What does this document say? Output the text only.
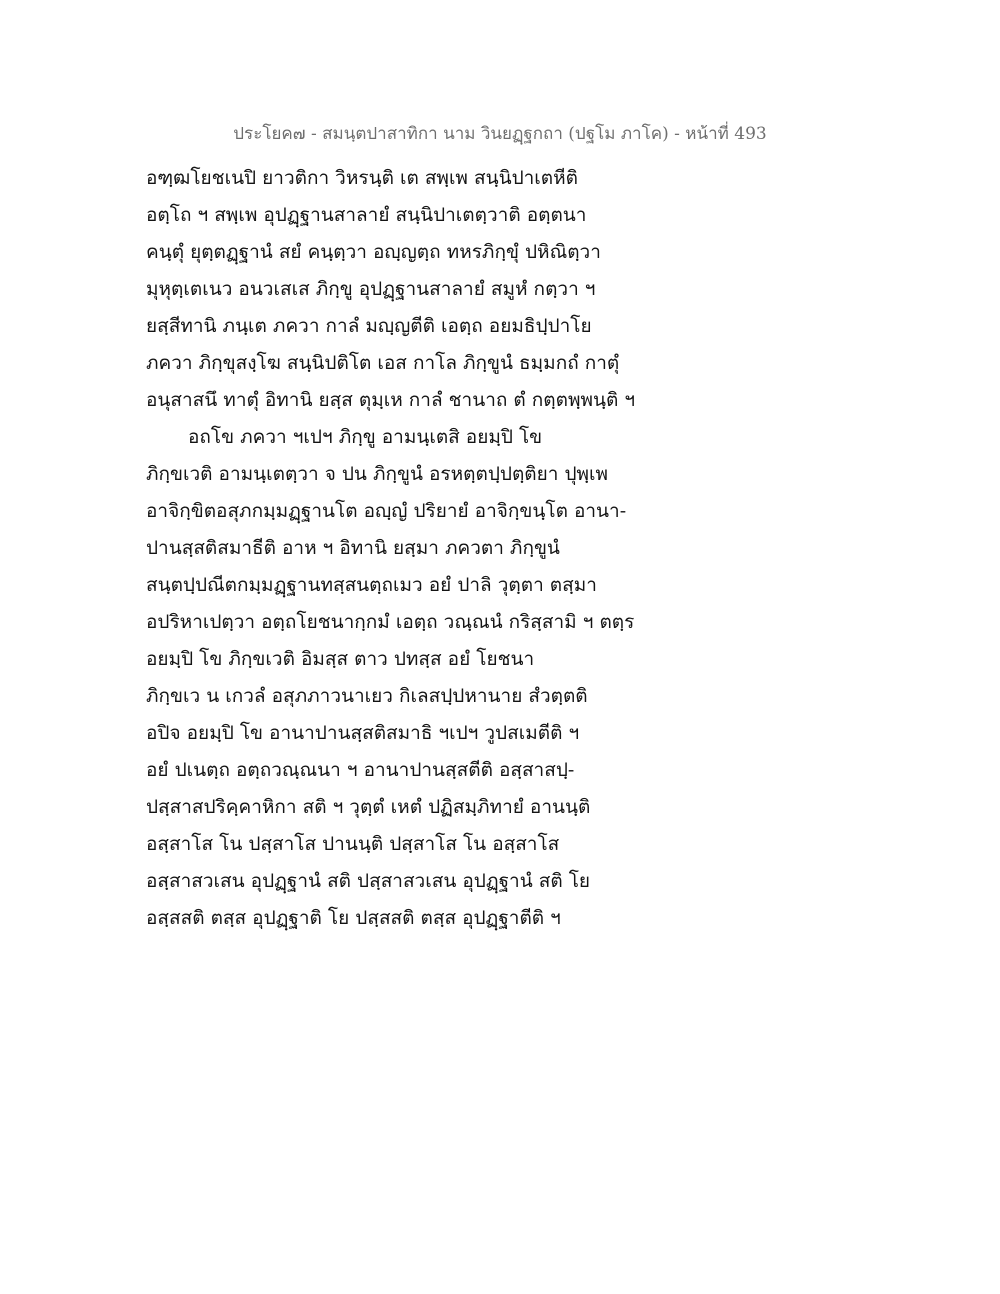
ประโยค๗ - สมนฺตปาสาทิกา นาม วินยฏฺฐกถา (ปฐโม ภาโค) - หน้าที่ 493
อฑฺฒโยชเนปิ ยาวติกา วิหรนฺติ เต สพฺเพ สนฺนิปาเตหีติ
อตฺโถ ฯ สพฺเพ อุปฏฺฐานสาลายํ สนฺนิปาเตตฺวาติ อตฺตนา
คนฺตุํ ยุตฺตฏฺฐานํ สยํ คนฺตฺวา อญฺญตฺถ ทหรภิกฺขุํ ปหิณิตฺวา
มุหุตฺเตเนว อนวเสเส ภิกฺขู อุปฏฺฐานสาลายํ สมูหํ กตฺวา ฯ
ยสฺสีทานิ ภนฺเต ภควา กาลํ มญฺญตีติ เอตฺถ อยมธิปฺปาโย
ภควา ภิกฺขุสงฺโฆ สนฺนิปติโต เอส กาโล ภิกฺขูนํ ธมฺมกถํ กาตุํ
อนุสาสนึ ทาตุํ อิทานิ ยสฺส ตุมฺเห กาลํ ชานาถ ตํ กตฺตพฺพนฺติ ฯ
อถโข ภควา ฯเปฯ ภิกฺขู อามนฺเตสิ อยมฺปิ โข
ภิกฺขเวติ อามนฺเตตฺวา จ ปน ภิกฺขูนํ อรหตฺตปฺปตฺติยา ปุพฺเพ
อาจิกฺขิตอสุภกมฺมฏฺฐานโต อญฺญํ ปริยายํ อาจิกฺขนฺโต อานา-
ปานสฺสติสมาธีติ อาห ฯ อิทานิ ยสฺมา ภควตา ภิกฺขูนํ
สนฺตปฺปณีตกมฺมฏฺฐานทสฺสนตฺถเมว อยํ ปาลิ วุตฺตา ตสฺมา
อปริหาเปตฺวา อตฺถโยชนากฺกมํ เอตฺถ วณฺณนํ กริสฺสามิ ฯ ตตฺร
อยมฺปิ โข ภิกฺขเวติ อิมสฺส ตาว ปทสฺส อยํ โยชนา
ภิกฺขเว น เกวลํ อสุภภาวนาเยว กิเลสปฺปหานาย สํวตฺตติ
อปิจ อยมฺปิ โข อานาปานสฺสติสมาธิ ฯเปฯ วูปสเมตีติ ฯ
อยํ ปเนตฺถ อตฺถวณฺณนา ฯ อานาปานสฺสตีติ อสฺสาสปฺ-
ปสฺสาสปริคฺคาหิกา สติ ฯ วุตฺตํ เหตํ ปฏิสมฺภิทายํ อานนฺติ
อสฺสาโส โน ปสฺสาโส ปานนฺติ ปสฺสาโส โน อสฺสาโส
อสฺสาสวเสน อุปฏฺฐานํ สติ ปสฺสาสวเสน อุปฏฺฐานํ สติ โย
อสฺสสติ ตสฺส อุปฏฺฐาติ โย ปสฺสสติ ตสฺส อุปฏฺฐาตีติ ฯ
